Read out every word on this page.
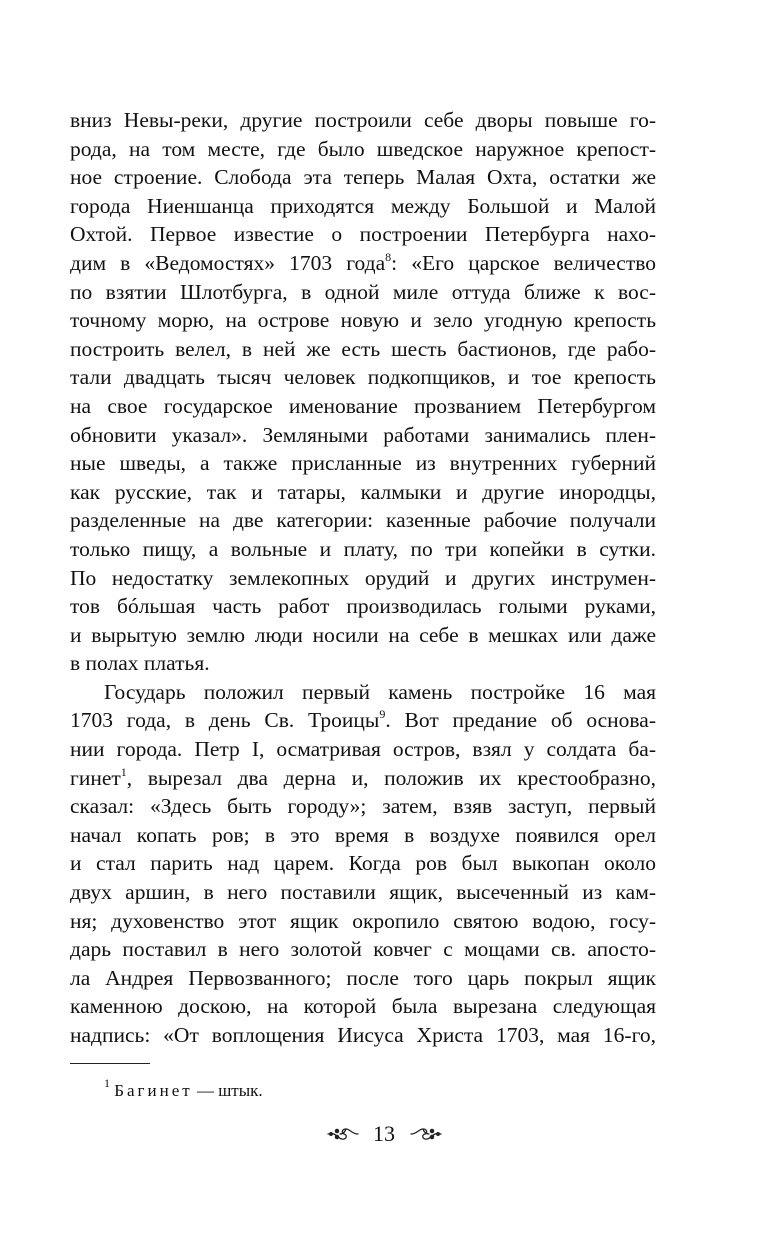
вниз Невы-реки, другие построили себе дворы повыше го-
рода, на том месте, где было шведское наружное крепост-
ное строение. Слобода эта теперь Малая Охта, остатки же
города Ниеншанца приходятся между Большой и Малой
Охтой. Первое известие о построении Петербурга нахо-
дим в «Ведомостях» 1703 года$^8$: «Его царское величество
по взятии Шлотбурга, в одной миле оттуда ближе к вос-
точному морю, на острове новую и зело угодную крепость
построить велел, в ней же есть шесть бастионов, где рабо-
тали двадцать тысяч человек подкопщиков, и тое крепость
на свое государское именование прозванием Петербургом
обновити указал». Земляными работами занимались плен-
ные шведы, а также присланные из внутренних губерний
как русские, так и татары, калмыки и другие инородцы,
разделенные на две категории: казенные рабочие получали
только пищу, а вольные и плату, по три копейки в сутки.
По недостатку землекопных орудий и других инструмен-
тов бóльшая часть работ производилась голыми руками,
и вырытую землю люди носили на себе в мешках или даже
в полах платья.
Государь положил первый камень постройке 16 мая
1703 года, в день Св. Троицы$^9$. Вот предание об основа-
нии города. Петр I, осматривая остров, взял у солдата ба-
гинет$^1$, вырезал два дерна и, положив их крестообразно,
сказал: «Здесь быть городу»; затем, взяв заступ, первый
начал копать ров; в это время в воздухе появился орел
и стал парить над царем. Когда ров был выкопан около
двух аршин, в него поставили ящик, высеченный из кам-
ня; духовенство этот ящик окропило святою водою, госу-
дарь поставил в него золотой ковчег с мощами св. апосто-
ла Андрея Первозванного; после того царь покрыл ящик
каменною доскою, на которой была вырезана следующая
надпись: «От воплощения Иисуса Христа 1703, мая 16-го,
$^1$ Багинет — штык.
13
